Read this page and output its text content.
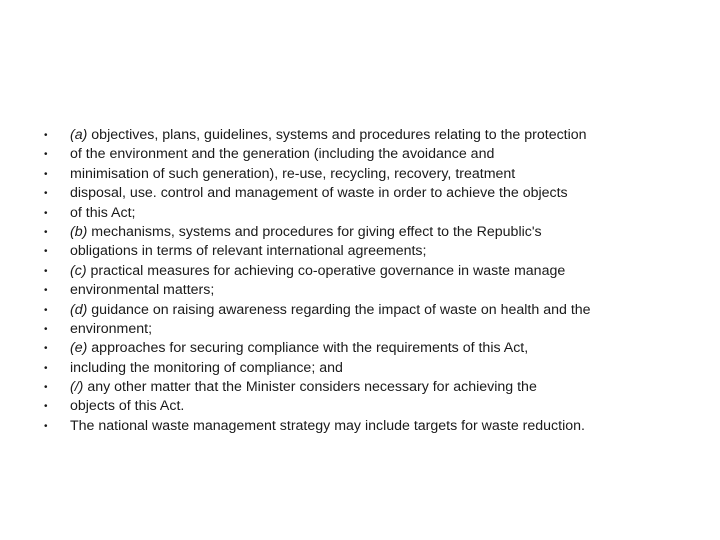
• (a) objectives, plans, guidelines, systems and procedures relating to the protection
• of the environment and the generation (including the avoidance and
• minimisation of such generation), re-use, recycling, recovery, treatment
• disposal, use. control and management of waste in order to achieve the objects
• of this Act;
• (b) mechanisms, systems and procedures for giving effect to the Republic's
• obligations in terms of relevant international agreements;
• (c) practical measures for achieving co-operative governance in waste manage
• environmental matters;
• (d) guidance on raising awareness regarding the impact of waste on health and the
• environment;
• (e) approaches for securing compliance with the requirements of this Act,
• including the monitoring of compliance; and
• (/) any other matter that the Minister considers necessary for achieving the
• objects of this Act.
• The national waste management strategy may include targets for waste reduction.
